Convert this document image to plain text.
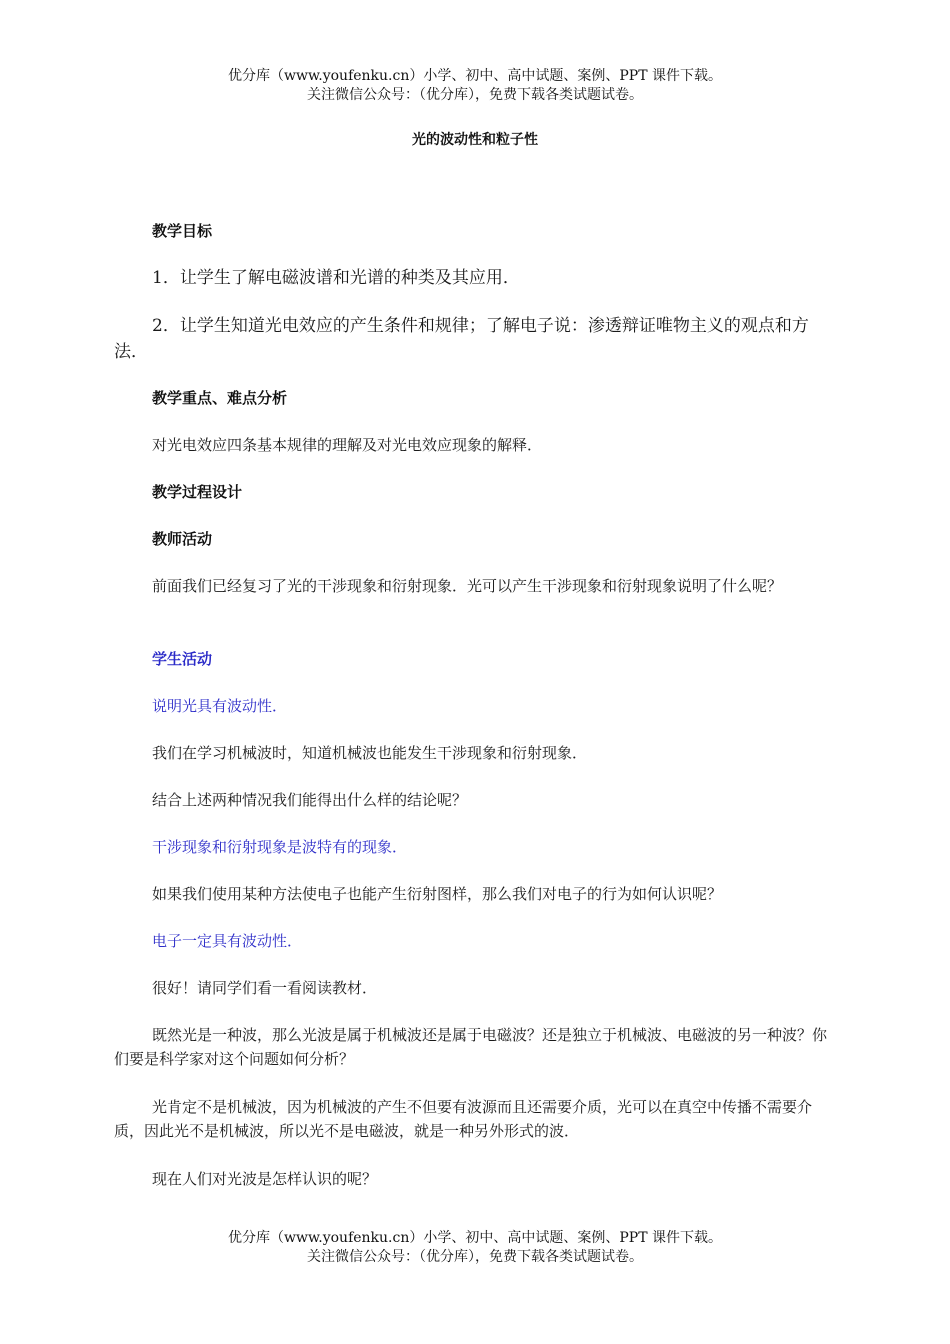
优分库（www.youfenku.cn）小学、初中、高中试题、案例、PPT 课件下载。
关注微信公众号：（优分库），免费下载各类试题试卷。
光的波动性和粒子性
教学目标
1．让学生了解电磁波谱和光谱的种类及其应用．
2．让学生知道光电效应的产生条件和规律；了解电子说：渗透辩证唯物主义的观点和方法．
教学重点、难点分析
对光电效应四条基本规律的理解及对光电效应现象的解释．
教学过程设计
教师活动
前面我们已经复习了光的干涉现象和衍射现象．光可以产生干涉现象和衍射现象说明了什么呢？
学生活动
说明光具有波动性．
我们在学习机械波时，知道机械波也能发生干涉现象和衍射现象．
结合上述两种情况我们能得出什么样的结论呢？
干涉现象和衍射现象是波特有的现象．
如果我们使用某种方法使电子也能产生衍射图样，那么我们对电子的行为如何认识呢？
电子一定具有波动性．
很好！请同学们看一看阅读教材．
既然光是一种波，那么光波是属于机械波还是属于电磁波？还是独立于机械波、电磁波的另一种波？你们要是科学家对这个问题如何分析？
光肯定不是机械波，因为机械波的产生不但要有波源而且还需要介质，光可以在真空中传播不需要介质，因此光不是机械波，所以光不是电磁波，就是一种另外形式的波．
现在人们对光波是怎样认识的呢？
优分库（www.youfenku.cn）小学、初中、高中试题、案例、PPT 课件下载。
关注微信公众号：（优分库），免费下载各类试题试卷。
